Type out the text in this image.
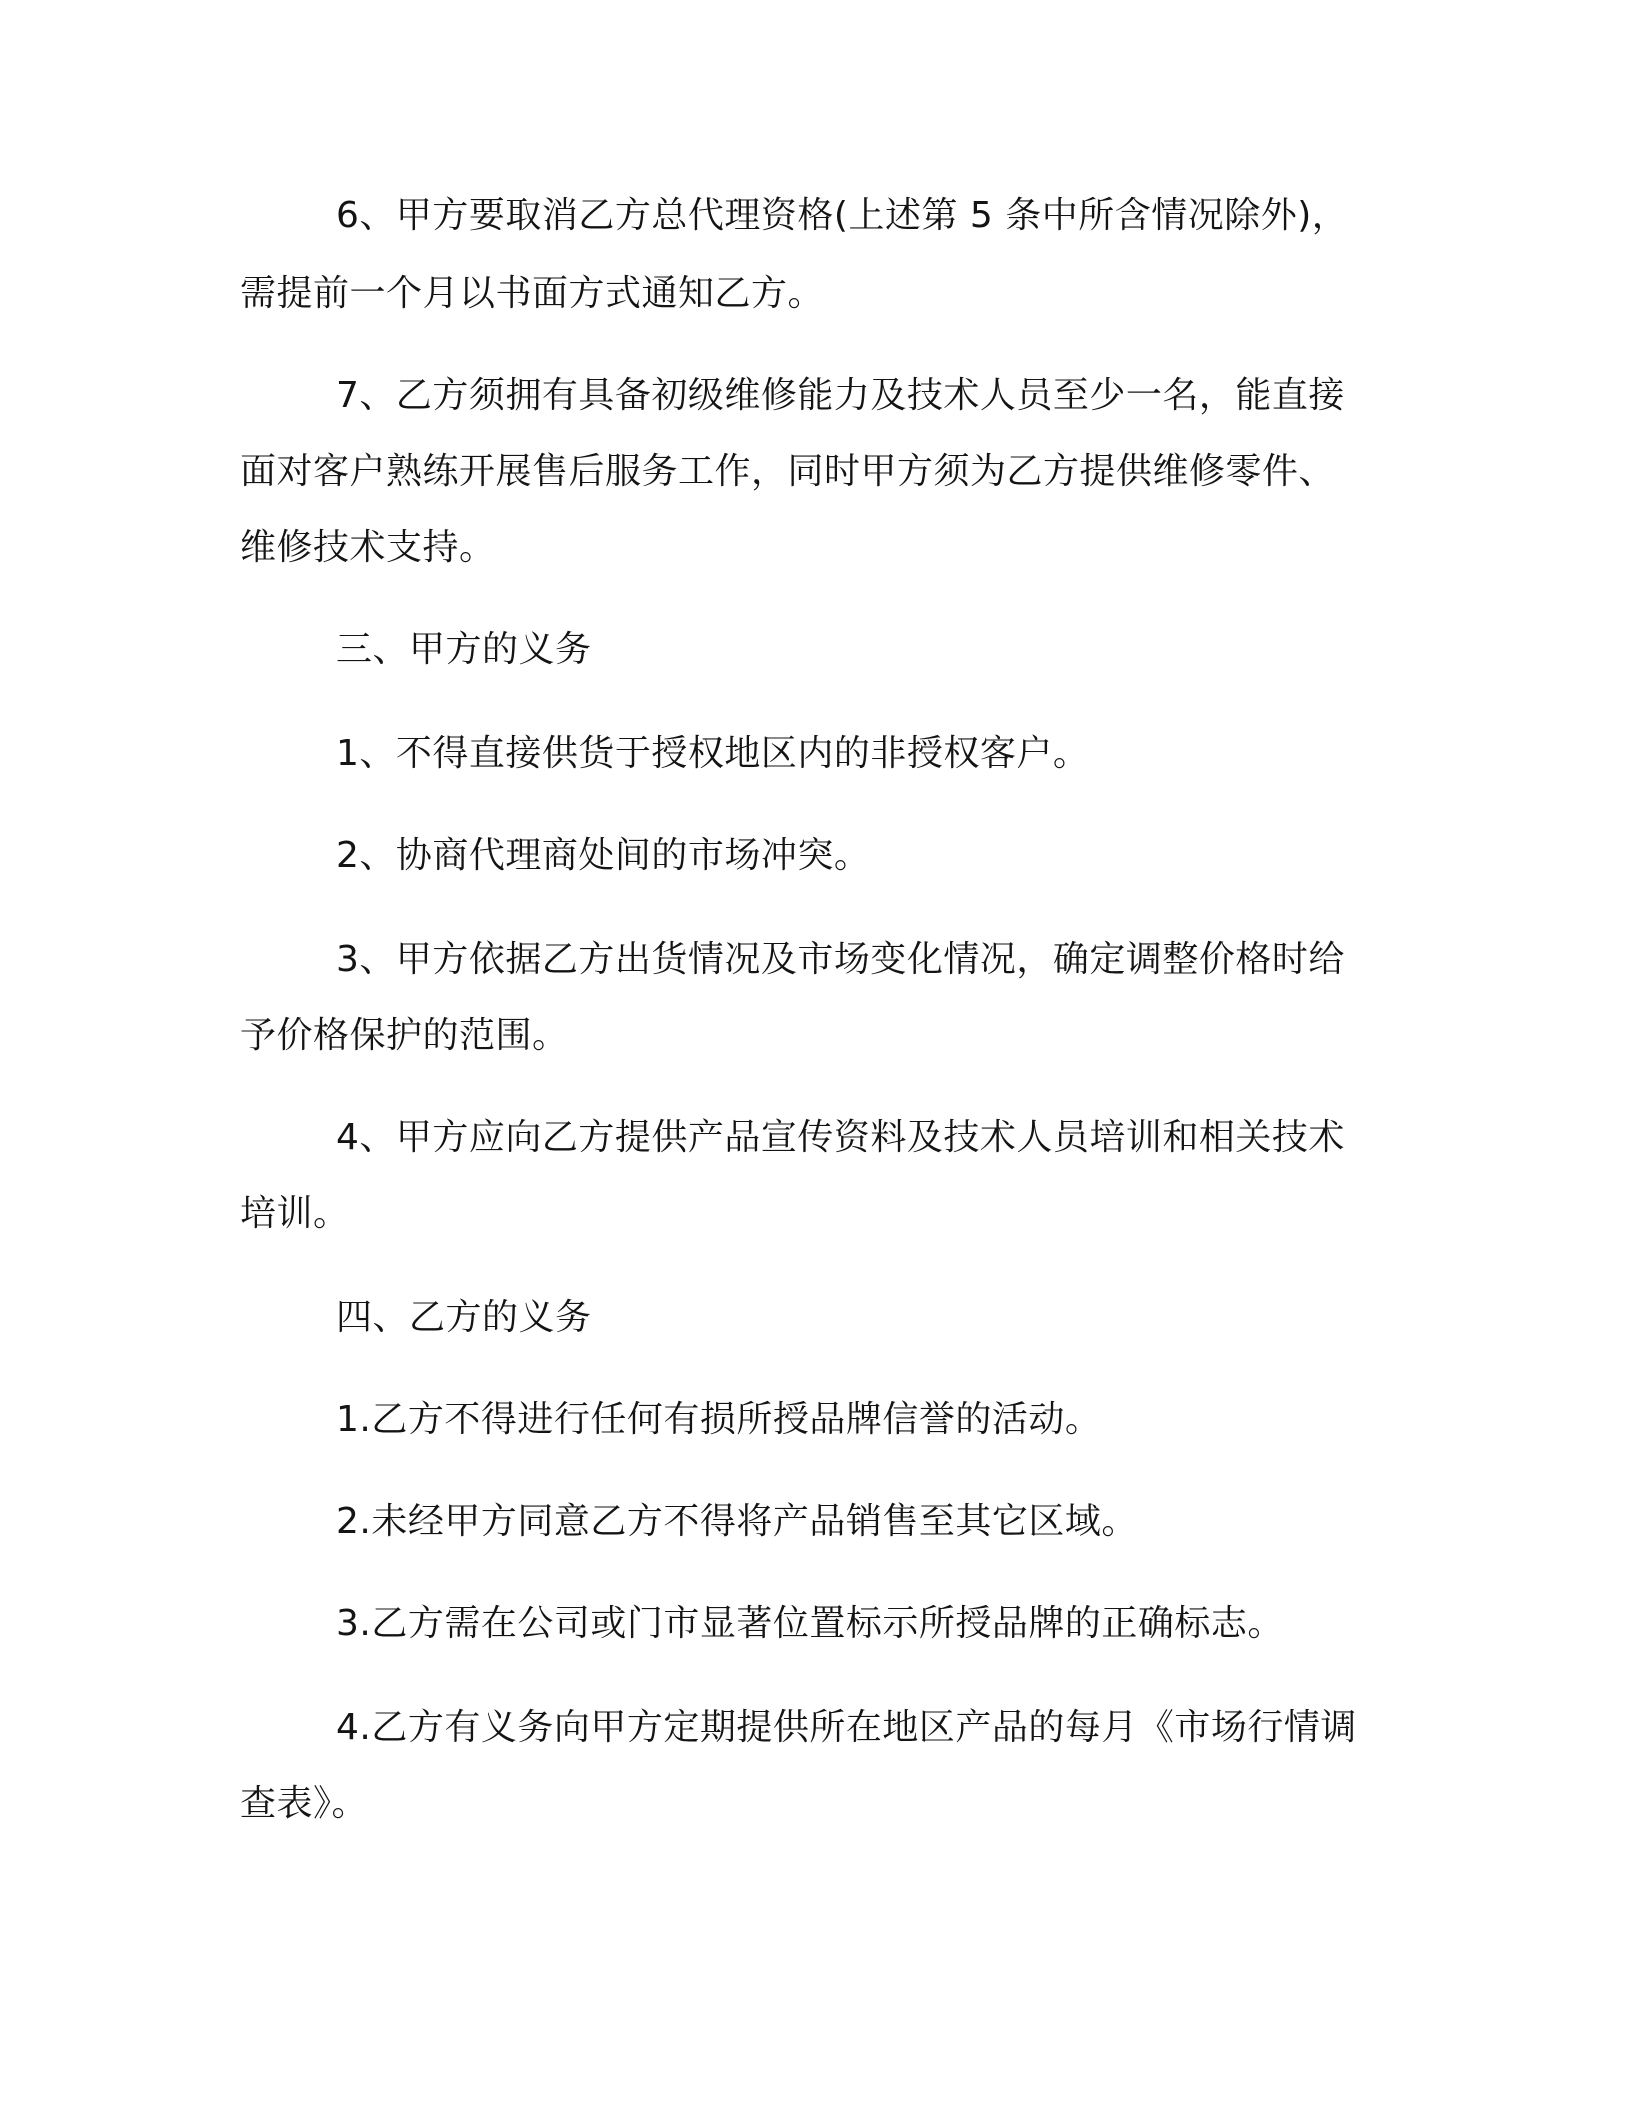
6、甲方要取消乙方总代理资格(上述第 5 条中所含情况除外)，
需提前一个月以书面方式通知乙方。
7、乙方须拥有具备初级维修能力及技术人员至少一名，能直接
面对客户熟练开展售后服务工作，同时甲方须为乙方提供维修零件、
维修技术支持。
三、甲方的义务
1、不得直接供货于授权地区内的非授权客户。
2、协商代理商处间的市场冲突。
3、甲方依据乙方出货情况及市场变化情况，确定调整价格时给
予价格保护的范围。
4、甲方应向乙方提供产品宣传资料及技术人员培训和相关技术
培训。
四、乙方的义务
1.乙方不得进行任何有损所授品牌信誉的活动。
2.未经甲方同意乙方不得将产品销售至其它区域。
3.乙方需在公司或门市显著位置标示所授品牌的正确标志。
4.乙方有义务向甲方定期提供所在地区产品的每月《市场行情调
查表》。
